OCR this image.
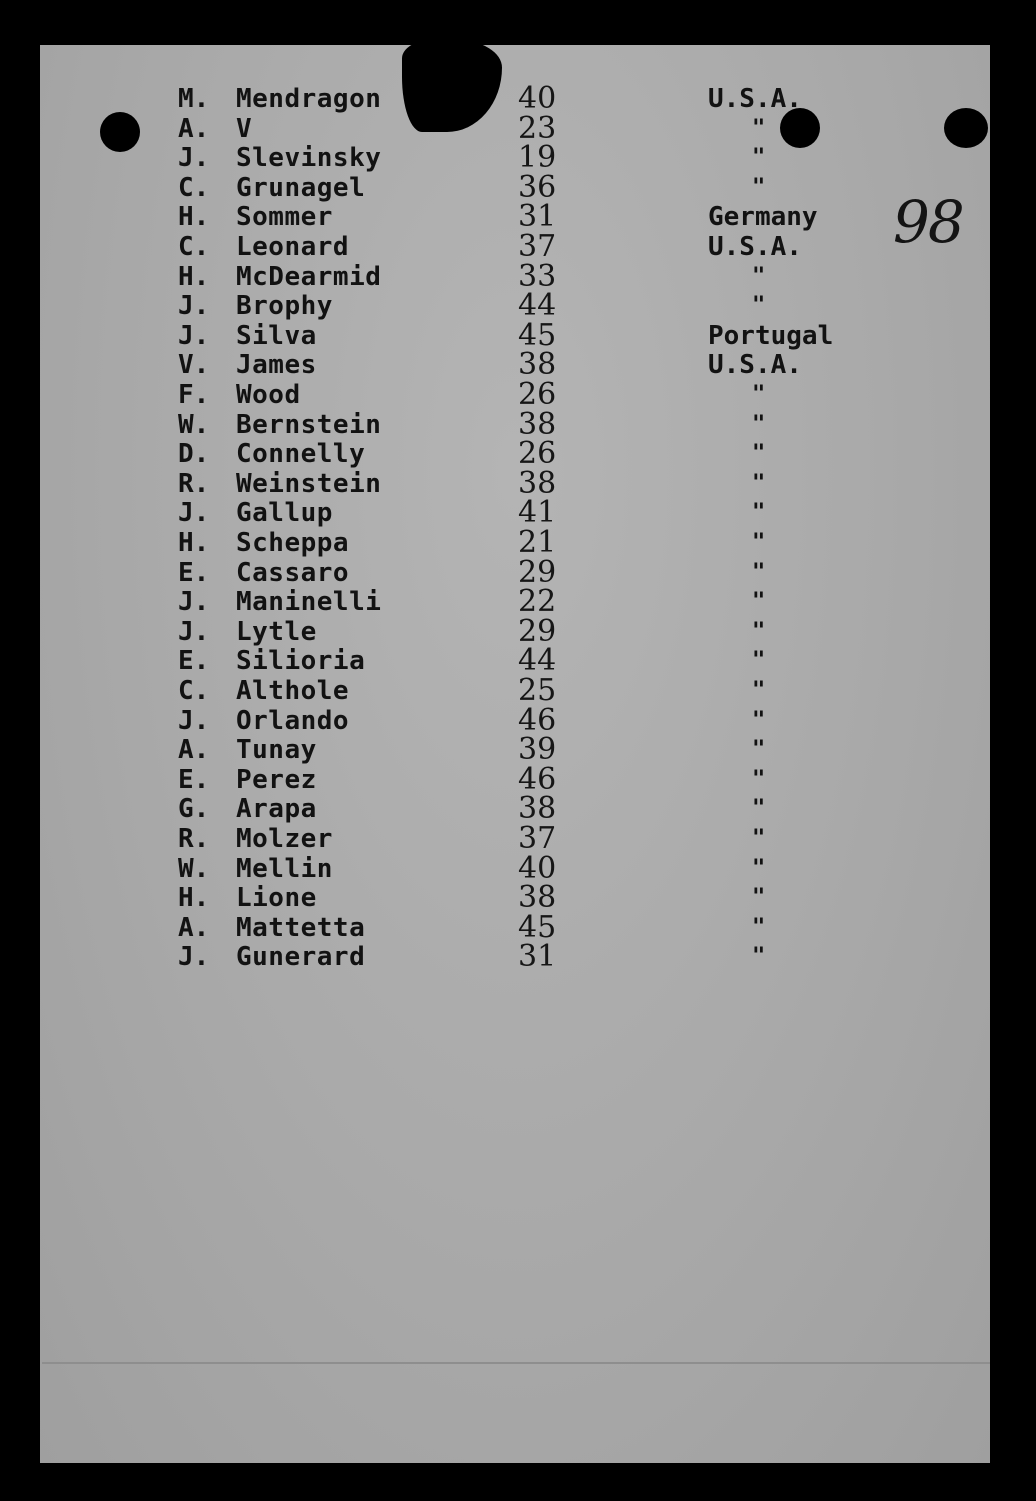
98
M. Mendragon	40	U.S.A.
A. V	23	"
J. Slevinsky	19	"
C. Grunagel	36	"
H. Sommer	31	Germany
C. Leonard	37	U.S.A.
H. McDearmid	33	"
J. Brophy	44	"
J. Silva	45	Portugal
V. James	38	U.S.A.
F. Wood	26	"
W. Bernstein	38	"
D. Connelly	26	"
R. Weinstein	38	"
J. Gallup	41	"
H. Scheppa	21	"
E. Cassaro	29	"
J. Maninelli	22	"
J. Lytle	29	"
E. Silioria	44	"
C. Althole	25	"
J. Orlando	46	"
A. Tunay	39	"
E. Perez	46	"
G. Arapa	38	"
R. Molzer	37	"
W. Mellin	40	"
H. Lione	38	"
A. Mattetta	45	"
J. Gunerard	31	"
